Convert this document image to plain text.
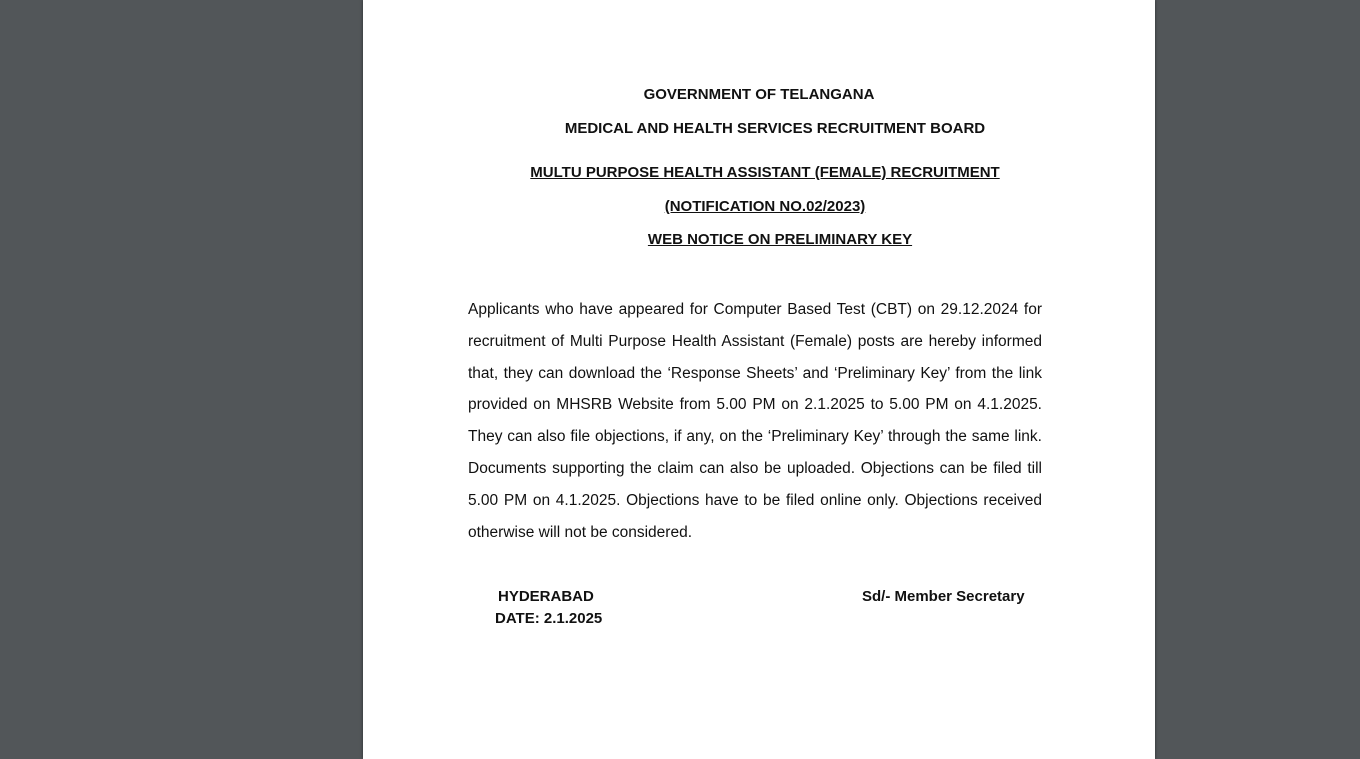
GOVERNMENT OF TELANGANA
MEDICAL AND HEALTH SERVICES RECRUITMENT BOARD
MULTU PURPOSE HEALTH ASSISTANT (FEMALE) RECRUITMENT
(NOTIFICATION NO.02/2023)
WEB NOTICE ON PRELIMINARY KEY
Applicants who have appeared for Computer Based Test (CBT) on 29.12.2024 for
recruitment of Multi Purpose Health Assistant (Female) posts are hereby informed
that, they can download the ‘Response Sheets’ and ‘Preliminary Key’ from the link
provided on MHSRB Website from 5.00 PM on 2.1.2025 to 5.00 PM on 4.1.2025.
They can also file objections, if any, on the ‘Preliminary Key’ through the same link.
Documents supporting the claim can also be uploaded. Objections can be filed till
5.00 PM on 4.1.2025. Objections have to be filed online only. Objections received
otherwise will not be considered.
HYDERABAD
DATE: 2.1.2025
Sd/- Member Secretary
